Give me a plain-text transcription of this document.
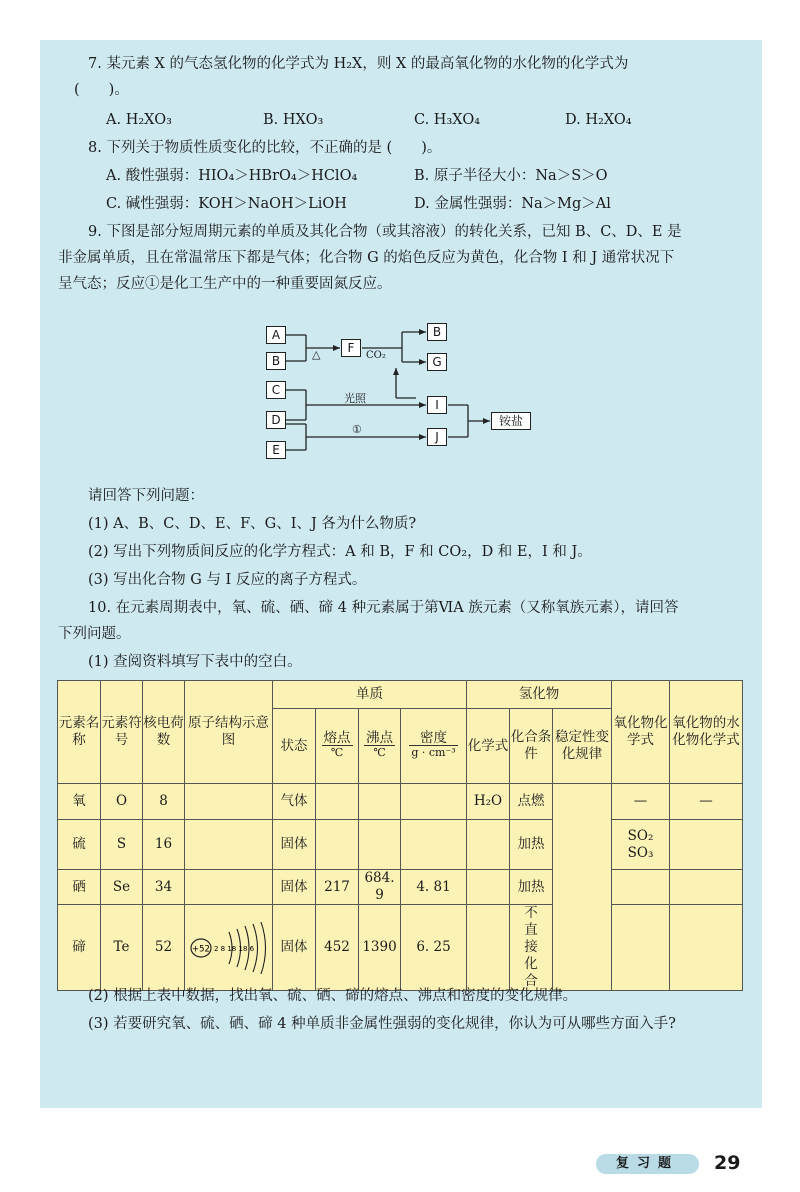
7. 某元素 X 的气态氢化物的化学式为 H₂X，则 X 的最高氧化物的水化物的化学式为
(　　)。
A. H₂XO₃	B. HXO₃	C. H₃XO₄	D. H₂XO₄
8. 下列关于物质性质变化的比较，不正确的是 (　　)。
A. 酸性强弱：HIO₄＞HBrO₄＞HClO₄	B. 原子半径大小：Na＞S＞O
C. 碱性强弱：KOH＞NaOH＞LiOH	D. 金属性强弱：Na＞Mg＞Al
9. 下图是部分短周期元素的单质及其化合物（或其溶液）的转化关系，已知 B、C、D、E 是
非金属单质，且在常温常压下都是气体；化合物 G 的焰色反应为黄色，化合物 I 和 J 通常状况下
呈气态；反应①是化工生产中的一种重要固氮反应。
A
B
C
D
E
F
B
G
I
J
铵盐
△	CO₂
光照
①
请回答下列问题：
(1) A、B、C、D、E、F、G、I、J 各为什么物质?
(2) 写出下列物质间反应的化学方程式：A 和 B，F 和 CO₂，D 和 E，I 和 J。
(3) 写出化合物 G 与 I 反应的离子方程式。
10. 在元素周期表中，氧、硫、硒、碲 4 种元素属于第ⅥA 族元素（又称氧族元素），请回答
下列问题。
(1) 查阅资料填写下表中的空白。
元素名称	元素符号	核电荷数	原子结构示意图	单质				氢化物			氧化物化学式	氧化物的水化物化学式
				状态	$\frac{\text{熔点}}{℃}$	$\frac{\text{沸点}}{℃}$	$\frac{\text{密度}}{\text{g · cm⁻³}}$	化学式	化合条件	稳定性变化规律		
氧	O	8		气体				H₂O	点燃		—	—
硫	S	16		固体					加热		SO₂
SO₃	

硒	Se	34		固体	217	684. 9	4. 81		加热			
碲	Te	52	+52 2 8 18 18 6	固体	452	1390	6. 25		不直接化合			
(2) 根据上表中数据，找出氧、硫、硒、碲的熔点、沸点和密度的变化规律。
(3) 若要研究氧、硫、硒、碲 4 种单质非金属性强弱的变化规律，你认为可从哪些方面入手?
复习题	29
